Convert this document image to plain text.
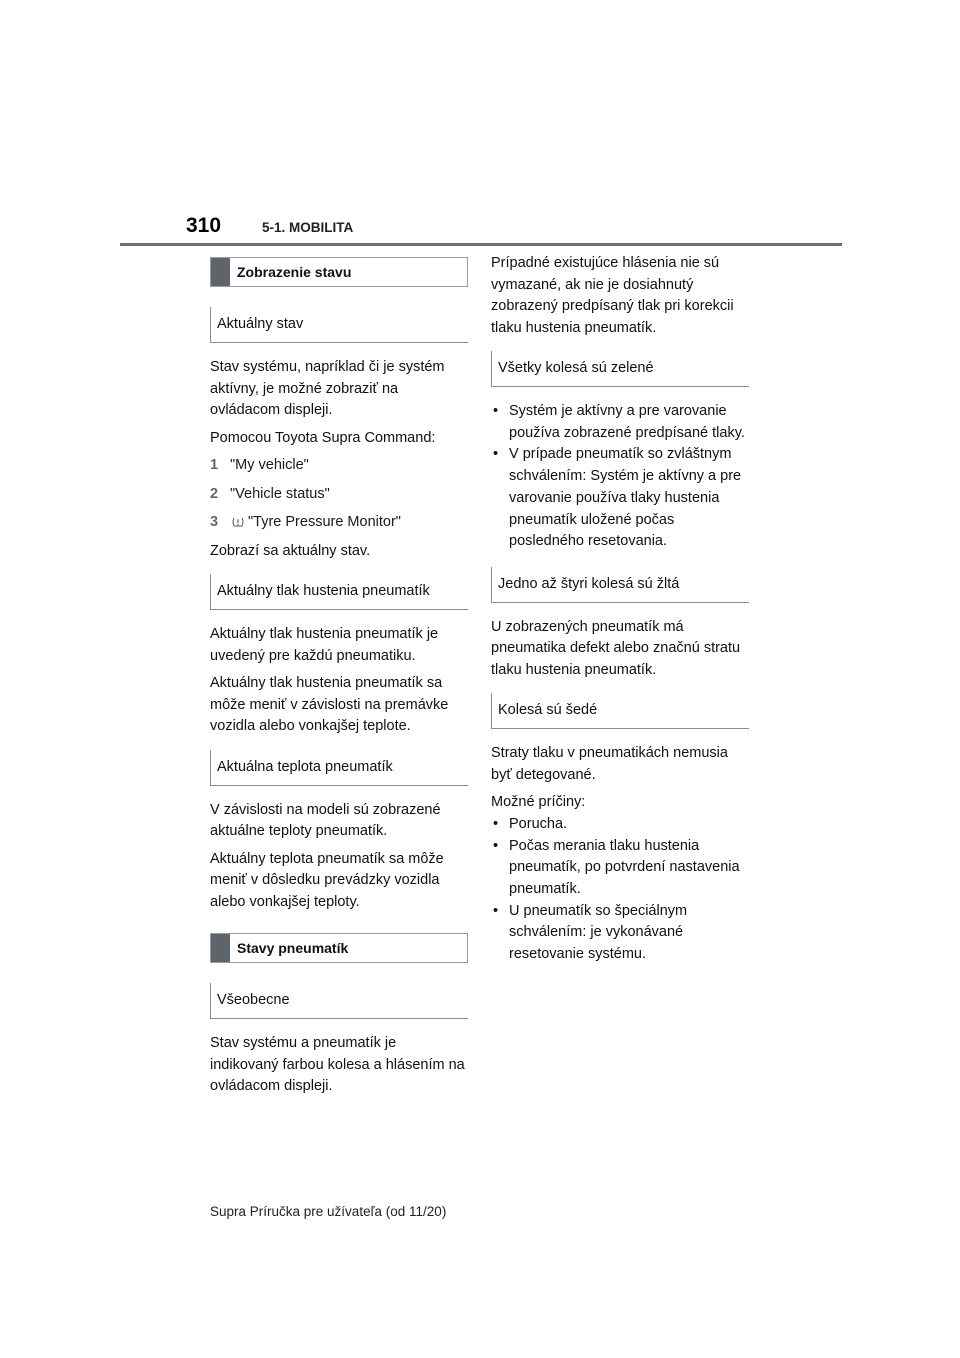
310	5-1. MOBILITA
Zobrazenie stavu
Aktuálny stav

Stav systému, napríklad či je systém aktívny, je možné zobraziť na ovládacom displeji.

Pomocou Toyota Supra Command:

1 "My vehicle"
2 "Vehicle status"
3	"Tyre Pressure Monitor"

Zobrazí sa aktuálny stav.

Aktuálny tlak hustenia pneumatík

Aktuálny tlak hustenia pneumatík je uvedený pre každú pneumatiku.

Aktuálny tlak hustenia pneumatík sa môže meniť v závislosti na premávke vozidla alebo vonkajšej teplote.

Aktuálna teplota pneumatík

V závislosti na modeli sú zobrazené aktuálne teploty pneumatík.

Aktuálny teplota pneumatík sa môže meniť v dôsledku prevádzky vozidla alebo vonkajšej teploty.

Stavy pneumatík
Všeobecne

Stav systému a pneumatík je indikovaný farbou kolesa a hlásením na ovládacom displeji.

Prípadné existujúce hlásenia nie sú vymazané, ak nie je dosiahnutý zobrazený predpísaný tlak pri korekcii tlaku hustenia pneumatík.

Všetky kolesá sú zelené
• Systém je aktívny a pre varovanie používa zobrazené predpísané tlaky.
• V prípade pneumatík so zvláštnym schválením: Systém je aktívny a pre varovanie používa tlaky hustenia pneumatík uložené počas posledného resetovania.
Jedno až štyri kolesá sú žltá

U zobrazených pneumatík má pneumatika defekt alebo značnú stratu tlaku hustenia pneumatík.

Kolesá sú šedé

Straty tlaku v pneumatikách nemusia byť detegované.

Možné príčiny:

• Porucha.
• Počas merania tlaku hustenia pneumatík, po potvrdení nastavenia pneumatík.
• U pneumatík so špeciálnym schválením: je vykonávané resetovanie systému.
Supra Príručka pre užívateľa (od 11/20)
